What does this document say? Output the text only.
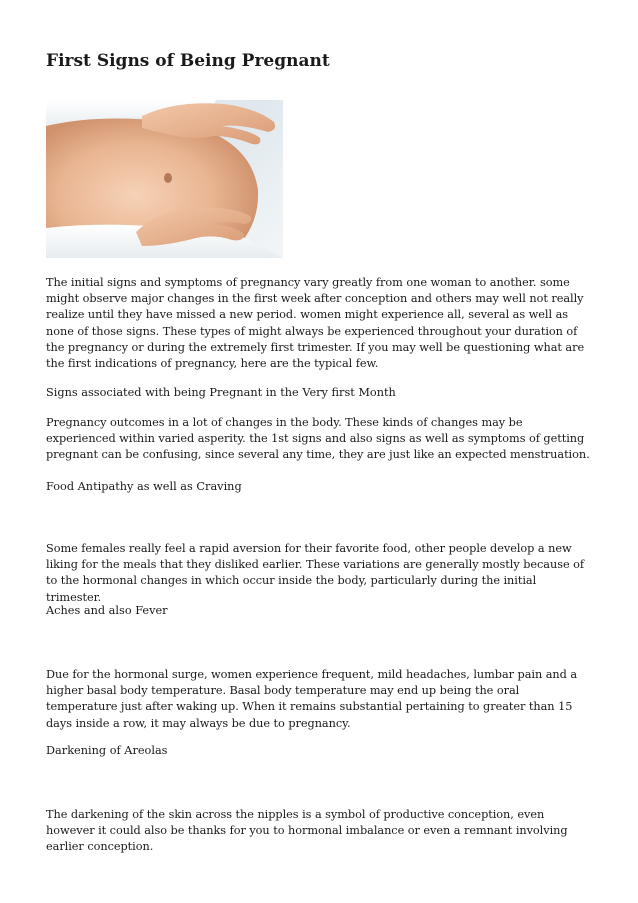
First Signs of Being Pregnant

The initial signs and symptoms of pregnancy vary greatly from one woman to another. some might observe major changes in the first week after conception and others may well not really realize until they have missed a new period. women might experience all, several as well as none of those signs. These types of might always be experienced throughout your duration of the pregnancy or during the extremely first trimester. If you may well be questioning what are the first indications of pregnancy, here are the typical few.

Signs associated with being Pregnant in the Very first Month

Pregnancy outcomes in a lot of changes in the body. These kinds of changes may be experienced within varied asperity. the 1st signs and also signs as well as symptoms of getting pregnant can be confusing, since several any time, they are just like an expected menstruation.

Food Antipathy as well as Craving

Some females really feel a rapid aversion for their favorite food, other people develop a new liking for the meals that they disliked earlier. These variations are generally mostly because of to the hormonal changes in which occur inside the body, particularly during the initial trimester.

Aches and also Fever

Due for the hormonal surge, women experience frequent, mild headaches, lumbar pain and a higher basal body temperature. Basal body temperature may end up being the oral temperature just after waking up. When it remains substantial pertaining to greater than 15 days inside a row, it may always be due to pregnancy.

Darkening of Areolas

The darkening of the skin across the nipples is a symbol of productive conception, even however it could also be thanks for you to hormonal imbalance or even a remnant involving earlier conception.
